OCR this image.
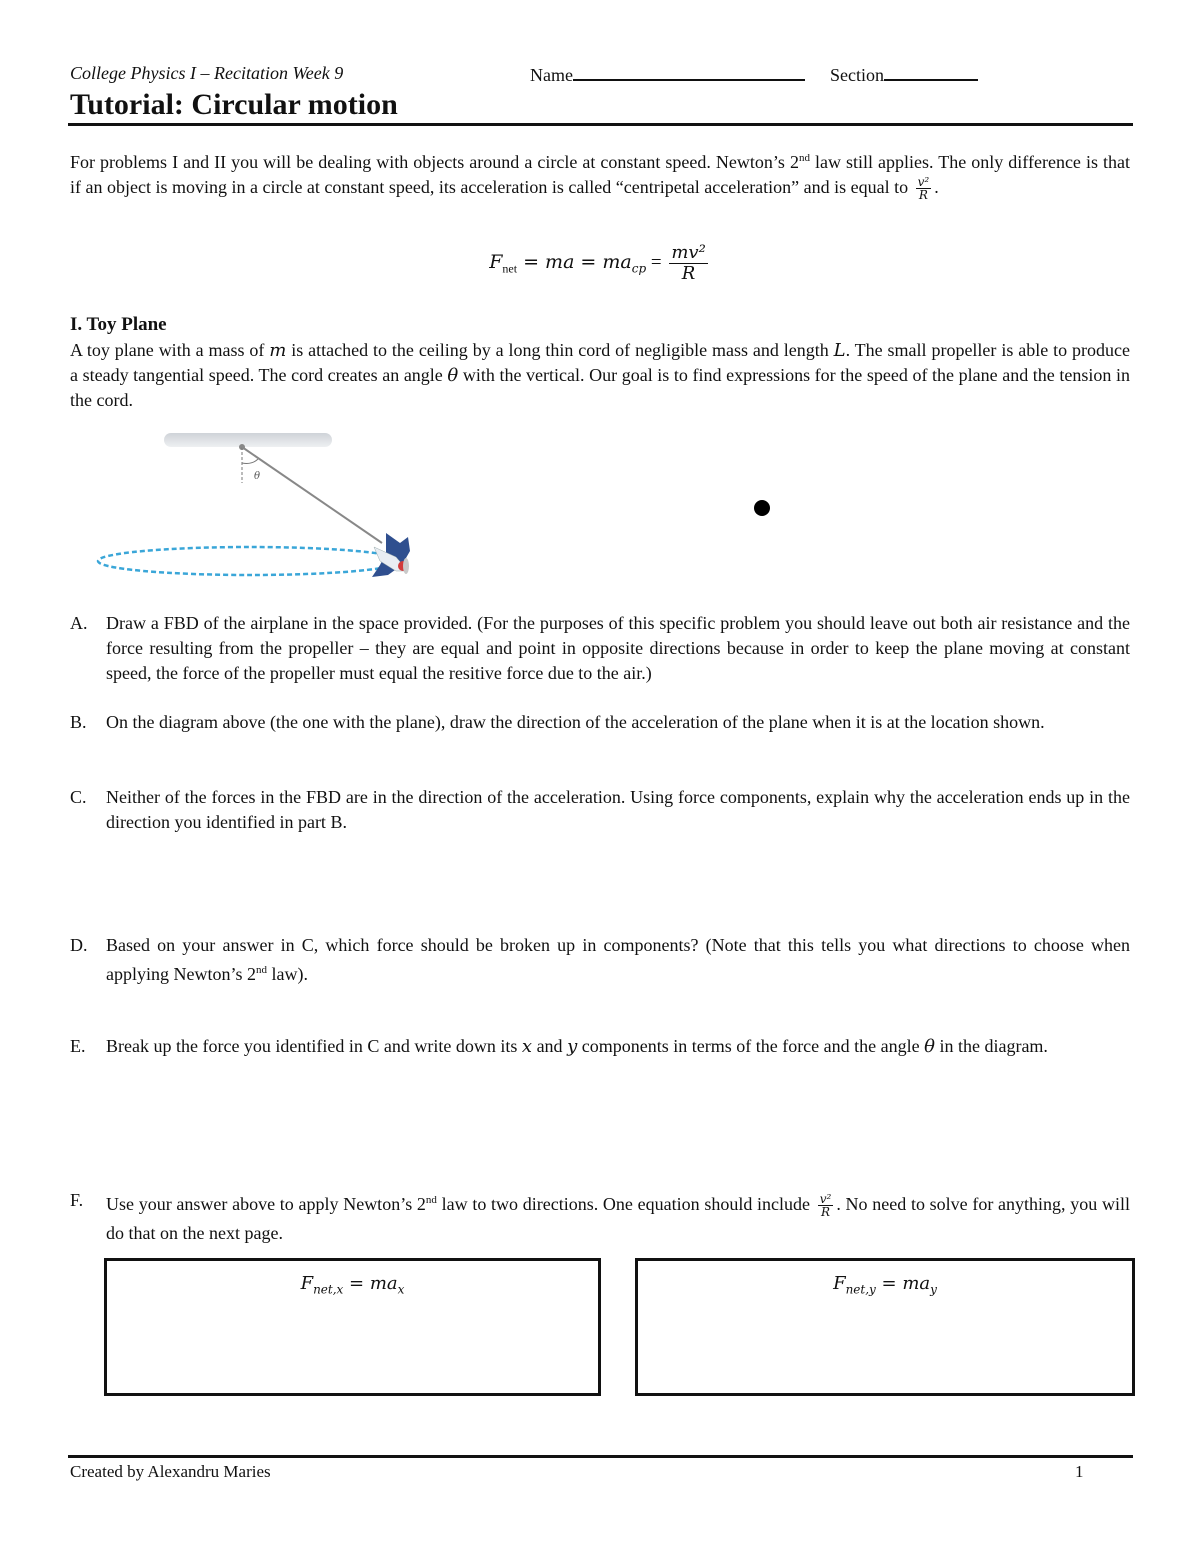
College Physics I – Recitation Week 9	Name	Section
Tutorial: Circular motion
For problems I and II you will be dealing with objects around a circle at constant speed. Newton’s 2nd law still applies. The only difference is that if an object is moving in a circle at constant speed, its acceleration is called “centripetal acceleration” and is equal to $\frac{\text{v²}}{R}$ .
$F_{net}$ = ma = $ma_{cp} = \frac{\text{mv²}}{R}$
I. Toy Plane
A toy plane with a mass of m is attached to the ceiling by a long thin cord of negligible mass and length L. The small propeller is able to produce a steady tangential speed. The cord creates an angle θ with the vertical. Our goal is to find expressions for the speed of the plane and the tension in the cord.
θ
A. Draw a FBD of the airplane in the space provided. (For the purposes of this specific problem you should leave out both air resistance and the force resulting from the propeller – they are equal and point in opposite directions because in order to keep the plane moving at constant speed, the force of the propeller must equal the resitive force due to the air.)
B. On the diagram above (the one with the plane), draw the direction of the acceleration of the plane when it is at the location shown.
C. Neither of the forces in the FBD are in the direction of the acceleration. Using force components, explain why the acceleration ends up in the direction you identified in part B.
D. Based on your answer in C, which force should be broken up in components? (Note that this tells you what directions to choose when applying Newton’s 2nd law).
E. Break up the force you identified in C and write down its x and y components in terms of the force and the angle θ in the diagram.
F. Use your answer above to apply Newton’s 2nd law to two directions. One equation should include $\frac{\text{v²}}{R}$ . No need to solve for anything, you will do that on the next page.
$F_{net,x} = ma_x$	$F_{net,y} = ma_y$
Created by Alexandru Maries	1
